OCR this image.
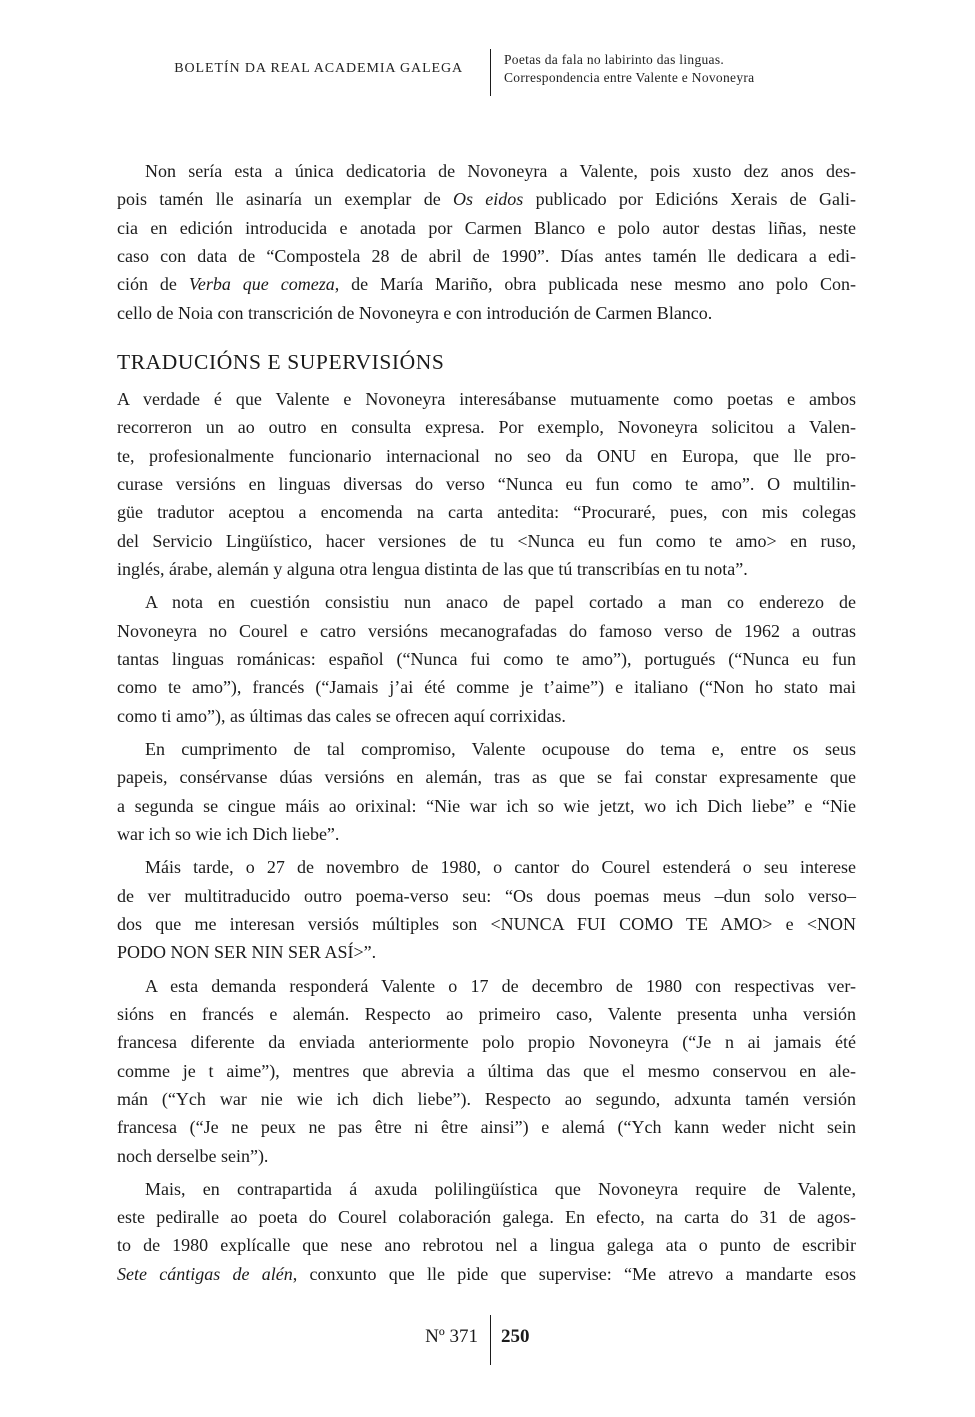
BOLETÍN DA REAL ACADEMIA GALEGA
Poetas da fala no labirinto das linguas.
Correspondencia entre Valente e Novoneyra
Non sería esta a única dedicatoria de Novoneyra a Valente, pois xusto dez anos des-
pois tamén lle asinaría un exemplar de Os eidos publicado por Edicións Xerais de Gali-
cia en edición introducida e anotada por Carmen Blanco e polo autor destas liñas, neste
caso con data de “Compostela 28 de abril de 1990”. Días antes tamén lle dedicara a edi-
ción de Verba que comeza, de María Mariño, obra publicada nese mesmo ano polo Con-
cello de Noia con transcrición de Novoneyra e con introdución de Carmen Blanco.
TRADUCIÓNS E SUPERVISIÓNS
A verdade é que Valente e Novoneyra interesábanse mutuamente como poetas e ambos
recorreron un ao outro en consulta expresa. Por exemplo, Novoneyra solicitou a Valen-
te, profesionalmente funcionario internacional no seo da ONU en Europa, que lle pro-
curase versións en linguas diversas do verso “Nunca eu fun como te amo”. O multilin-
güe tradutor aceptou a encomenda na carta antedita: “Procuraré, pues, con mis colegas
del Servicio Lingüístico, hacer versiones de tu <Nunca eu fun como te amo> en ruso,
inglés, árabe, alemán y alguna otra lengua distinta de las que tú transcribías en tu nota”.
A nota en cuestión consistiu nun anaco de papel cortado a man co enderezo de
Novoneyra no Courel e catro versións mecanografadas do famoso verso de 1962 a outras
tantas linguas románicas: español (“Nunca fui como te amo”), portugués (“Nunca eu fun
como te amo”), francés (“Jamais j’ai été comme je t’aime”) e italiano (“Non ho stato mai
como ti amo”), as últimas das cales se ofrecen aquí corrixidas.
En cumprimento de tal compromiso, Valente ocupouse do tema e, entre os seus
papeis, consérvanse dúas versións en alemán, tras as que se fai constar expresamente que
a segunda se cingue máis ao orixinal: “Nie war ich so wie jetzt, wo ich Dich liebe” e “Nie
war ich so wie ich Dich liebe”.
Máis tarde, o 27 de novembro de 1980, o cantor do Courel estenderá o seu interese
de ver multitraducido outro poema-verso seu: “Os dous poemas meus –dun solo verso–
dos que me interesan versiós múltiples son <NUNCA FUI COMO TE AMO> e <NON
PODO NON SER NIN SER ASÍ>”.
A esta demanda responderá Valente o 17 de decembro de 1980 con respectivas ver-
sións en francés e alemán. Respecto ao primeiro caso, Valente presenta unha versión
francesa diferente da enviada anteriormente polo propio Novoneyra (“Je n ai jamais été
comme je t aime”), mentres que abrevia a última das que el mesmo conservou en ale-
mán (“Ych war nie wie ich dich liebe”). Respecto ao segundo, adxunta tamén versión
francesa (“Je ne peux ne pas être ni être ainsi”) e alemá (“Ych kann weder nicht sein
noch derselbe sein”).
Mais, en contrapartida á axuda polilingüística que Novoneyra require de Valente,
este pediralle ao poeta do Courel colaboración galega. En efecto, na carta do 31 de agos-
to de 1980 explícalle que nese ano rebrotou nel a lingua galega ata o punto de escribir
Sete cántigas de alén, conxunto que lle pide que supervise: “Me atrevo a mandarte esos
Nº 371 250
